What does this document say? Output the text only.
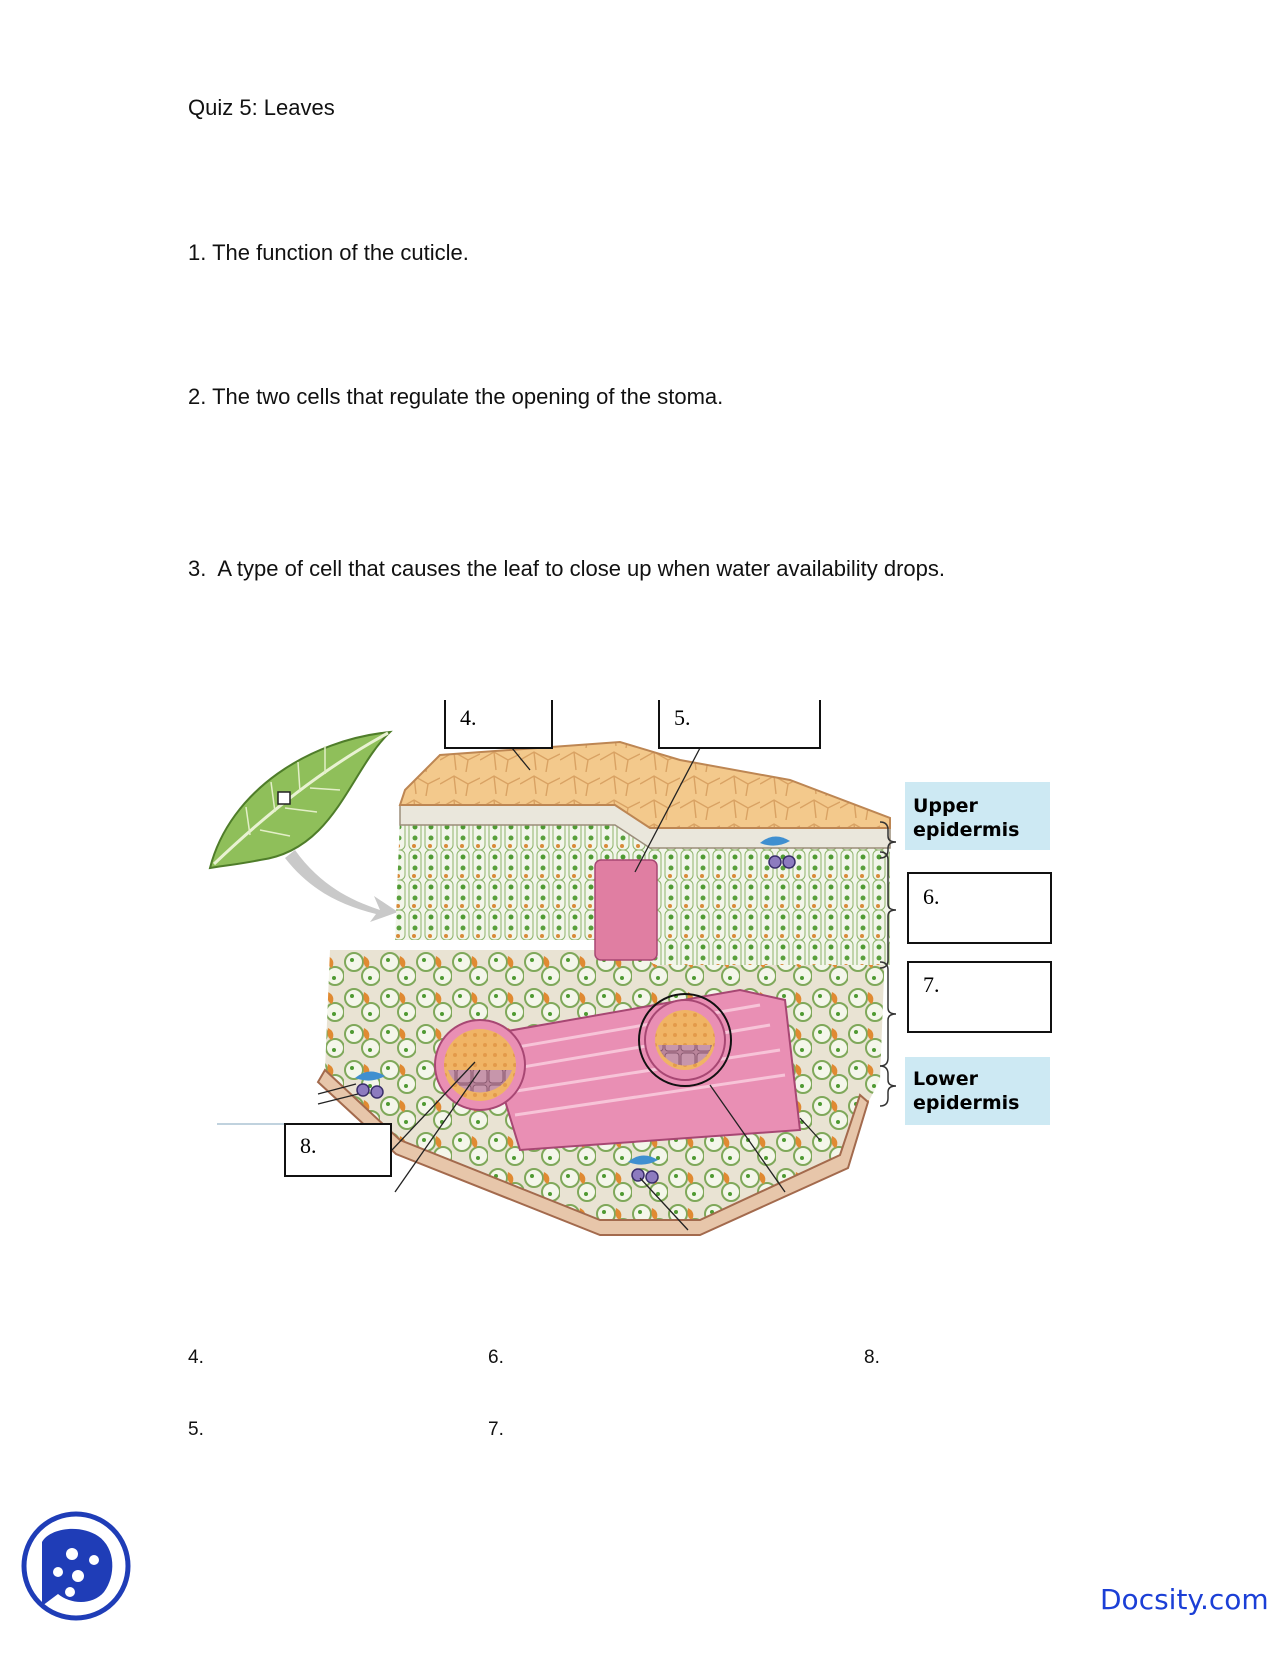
Quiz 5: Leaves
1. The function of the cuticle.
2. The two cells that regulate the opening of the stoma.
3.  A type of cell that causes the leaf to close up when water availability drops.
4.	5.
6.
7.
8.
Upper
epidermis
Lower
epidermis
4.	6.	8.
5.	7.
Docsity.com
